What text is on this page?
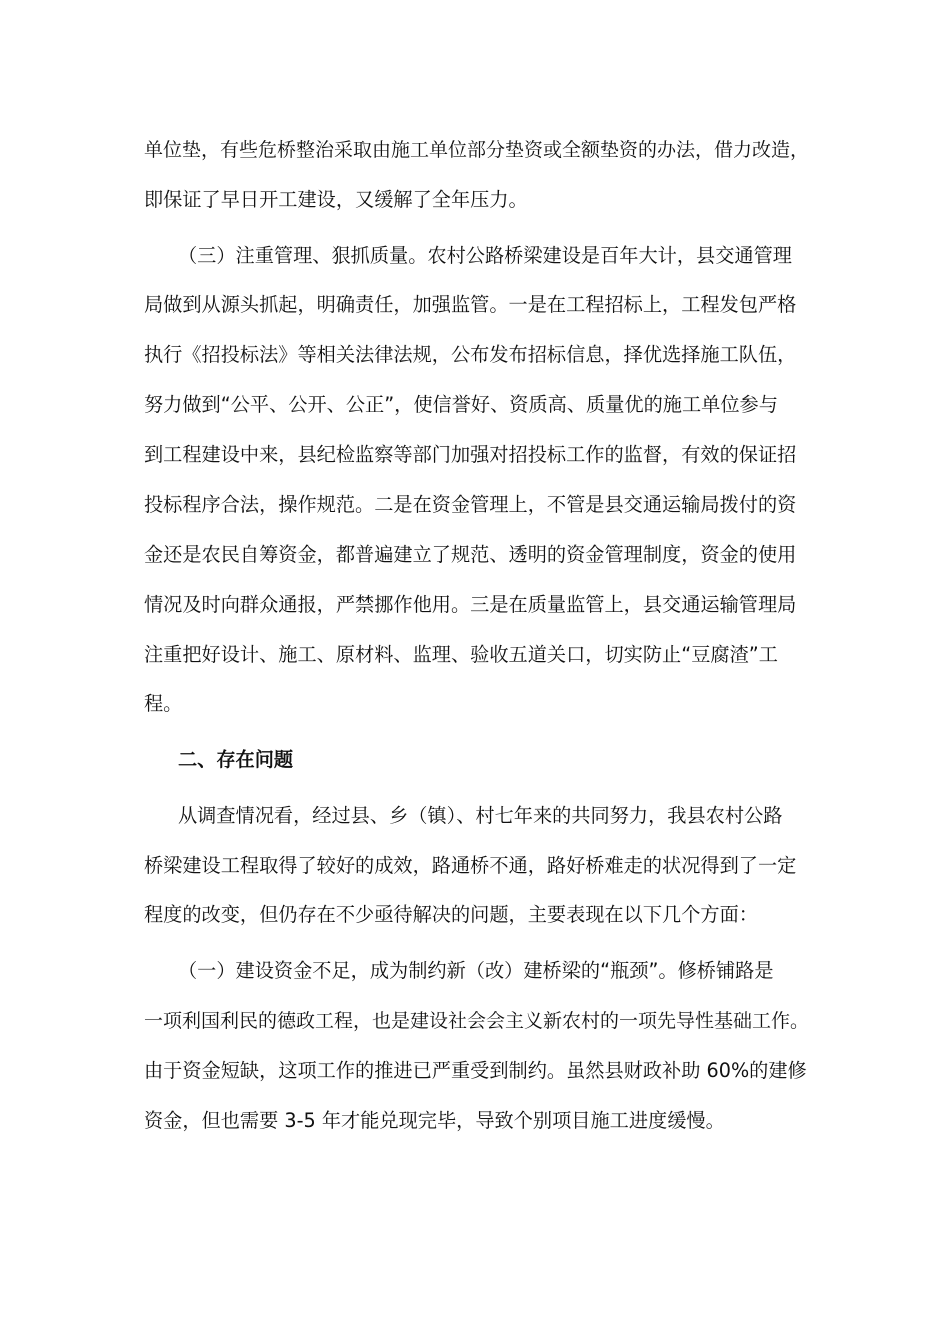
单位垫，有些危桥整治采取由施工单位部分垫资或全额垫资的办法，借力改造，
即保证了早日开工建设，又缓解了全年压力。
（三）注重管理、狠抓质量。农村公路桥梁建设是百年大计，县交通管理
局做到从源头抓起，明确责任，加强监管。一是在工程招标上，工程发包严格
执行《招投标法》等相关法律法规，公布发布招标信息，择优选择施工队伍，
努力做到“公平、公开、公正”，使信誉好、资质高、质量优的施工单位参与
到工程建设中来，县纪检监察等部门加强对招投标工作的监督，有效的保证招
投标程序合法，操作规范。二是在资金管理上，不管是县交通运输局拨付的资
金还是农民自筹资金，都普遍建立了规范、透明的资金管理制度，资金的使用
情况及时向群众通报，严禁挪作他用。三是在质量监管上，县交通运输管理局
注重把好设计、施工、原材料、监理、验收五道关口，切实防止“豆腐渣”工
程。
二、存在问题
从调查情况看，经过县、乡（镇）、村七年来的共同努力，我县农村公路
桥梁建设工程取得了较好的成效，路通桥不通，路好桥难走的状况得到了一定
程度的改变，但仍存在不少亟待解决的问题，主要表现在以下几个方面：
（一）建设资金不足，成为制约新（改）建桥梁的“瓶颈”。修桥铺路是
一项利国利民的德政工程，也是建设社会会主义新农村的一项先导性基础工作。
由于资金短缺，这项工作的推进已严重受到制约。虽然县财政补助 60%的建修
资金，但也需要 3-5 年才能兑现完毕，导致个别项目施工进度缓慢。
